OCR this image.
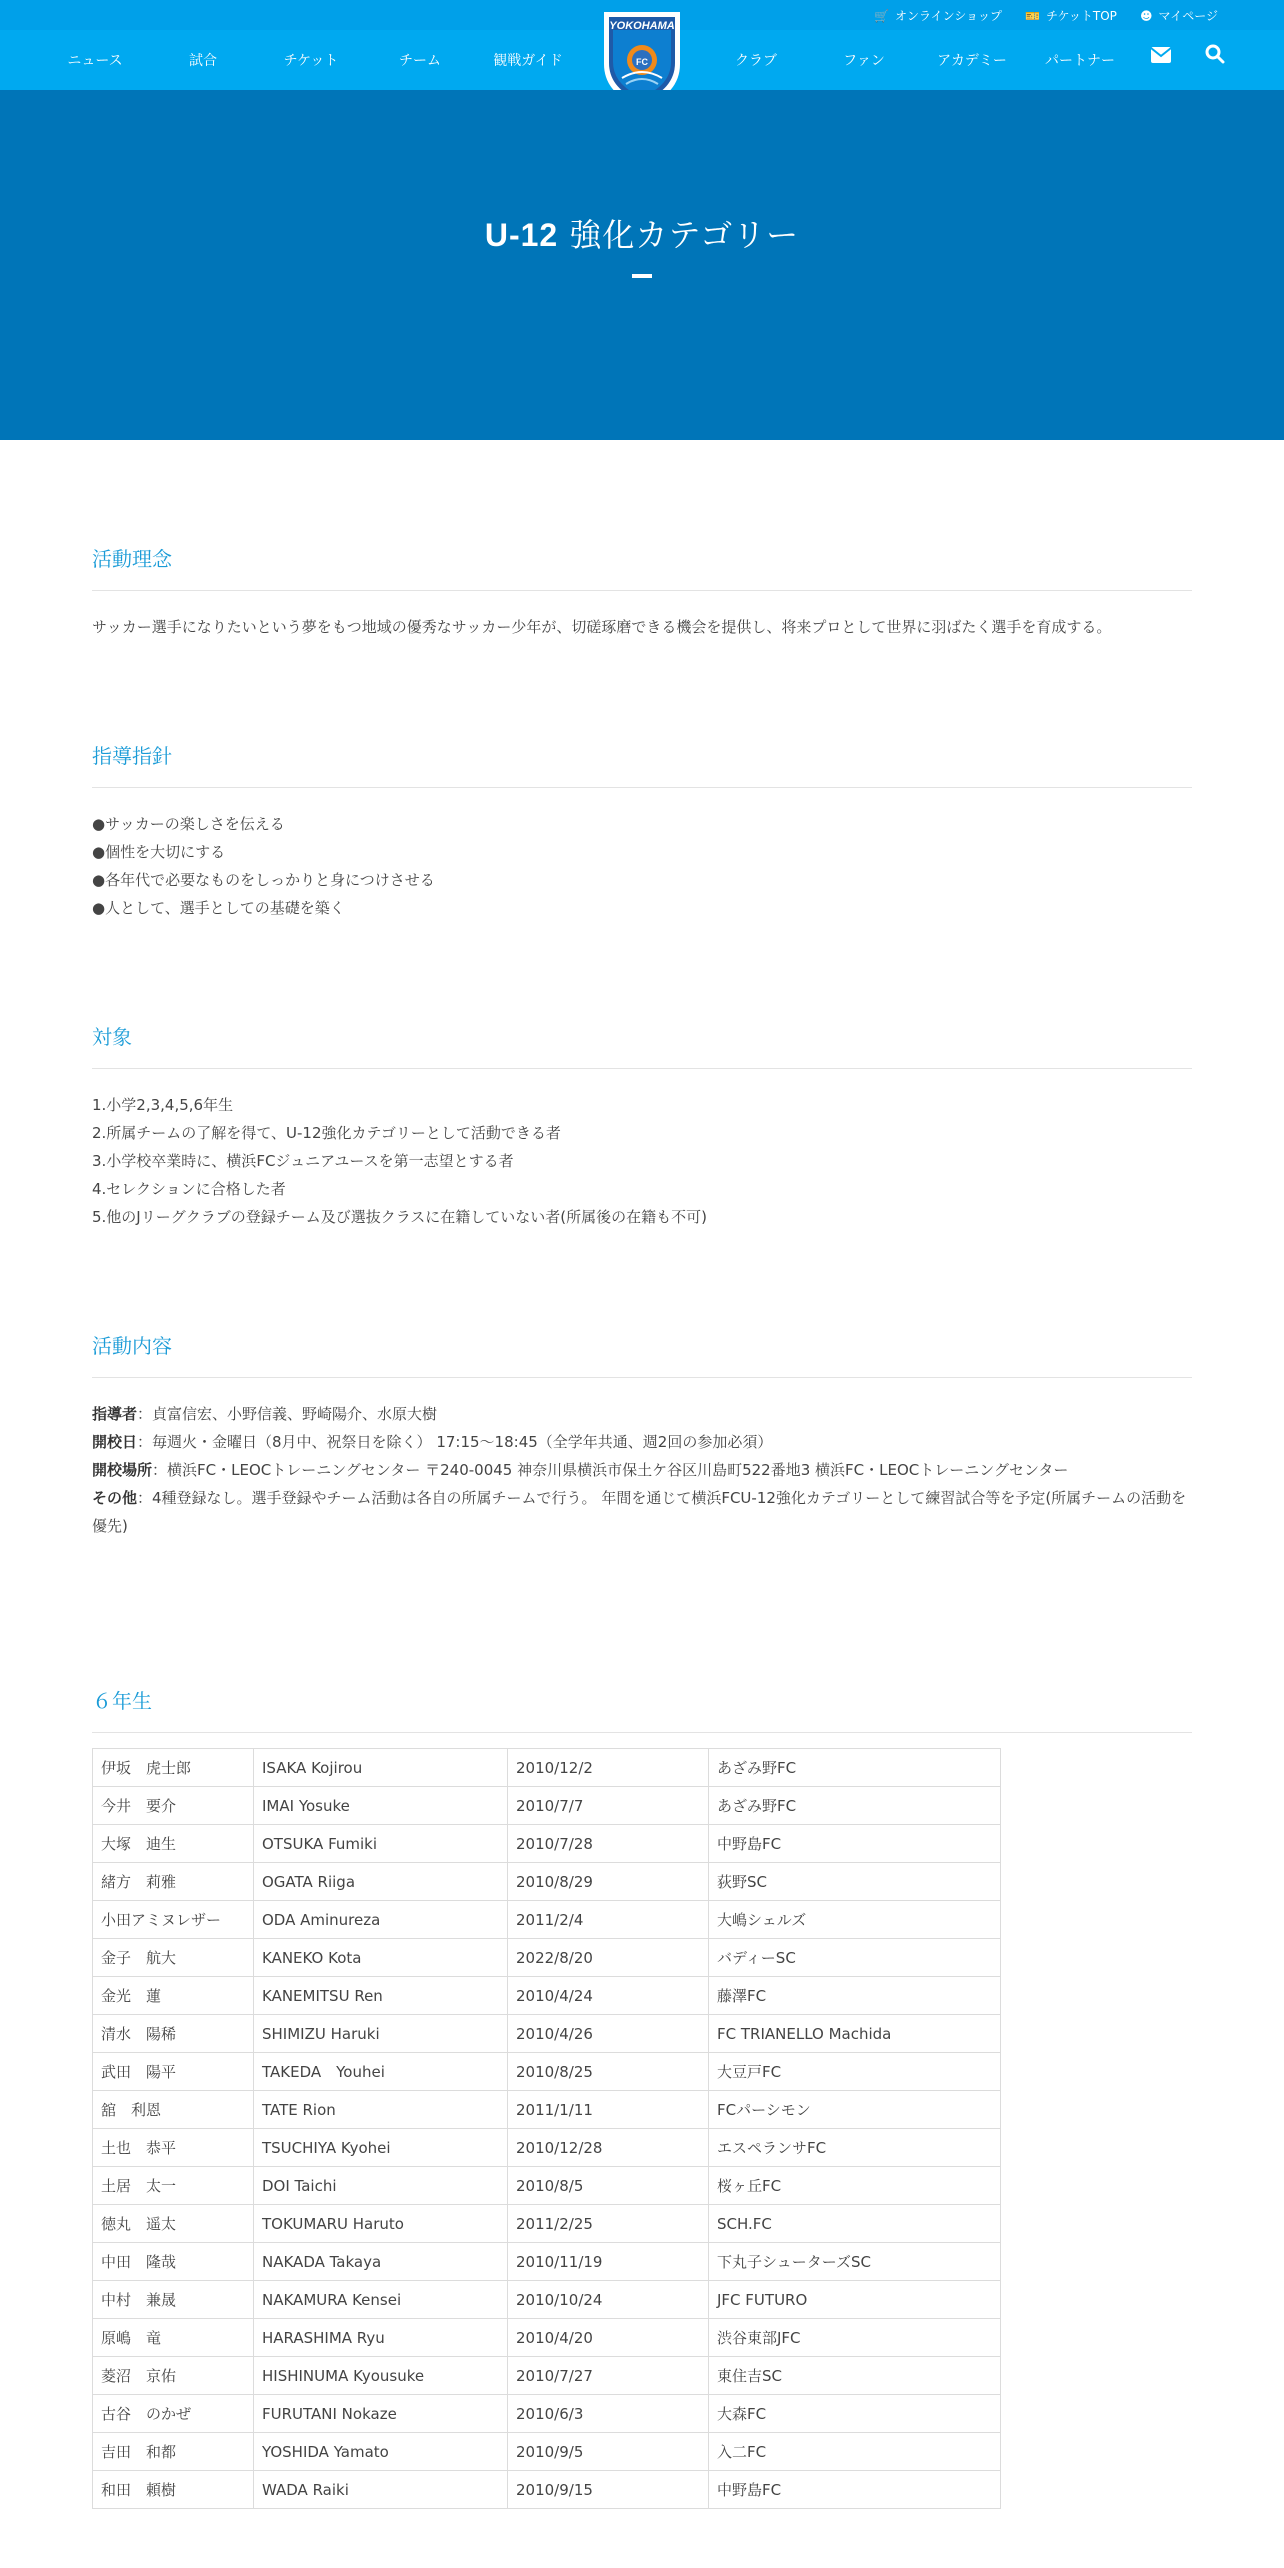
🛒 オンラインショップ 🎫 チケットTOP ☻ マイページ
ニュース	試合	チケット	チーム	観戦ガイド	クラブ	ファン	アカデミー	パートナー
YOKOHAMA
FC
U-12 強化カテゴリー
活動理念

サッカー選手になりたいという夢をもつ地域の優秀なサッカー少年が、切磋琢磨できる機会を提供し、将来プロとして世界に羽ばたく選手を育成する。

指導指針

●サッカーの楽しさを伝える

●個性を大切にする

●各年代で必要なものをしっかりと身につけさせる

●人として、選手としての基礎を築く

対象

1.小学2,3,4,5,6年生

2.所属チームの了解を得て、U-12強化カテゴリーとして活動できる者

3.小学校卒業時に、横浜FCジュニアユースを第一志望とする者

4.セレクションに合格した者

5.他のJリーグクラブの登録チーム及び選抜クラスに在籍していない者(所属後の在籍も不可)

活動内容

指導者：貞富信宏、小野信義、野崎陽介、水原大樹

開校日：毎週火・金曜日（8月中、祝祭日を除く） 17:15～18:45（全学年共通、週2回の参加必須）

開校場所：横浜FC・LEOCトレーニングセンター 〒240-0045 神奈川県横浜市保土ケ谷区川島町522番地3 横浜FC・LEOCトレーニングセンター

その他：4種登録なし。選手登録やチーム活動は各自の所属チームで行う。 年間を通じて横浜FCU-12強化カテゴリーとして練習試合等を予定(所属チームの活動を優先)

６年生
伊坂　虎士郎	ISAKA Kojirou	2010/12/2	あざみ野FC
今井　要介	IMAI Yosuke	2010/7/7	あざみ野FC
大塚　迪生	OTSUKA Fumiki	2010/7/28	中野島FC
緒方　莉雅	OGATA Riiga	2010/8/29	荻野SC
小田アミヌレザー	ODA Aminureza	2011/2/4	大嶋シェルズ
金子　航大	KANEKO Kota	2022/8/20	バディーSC
金光　蓮	KANEMITSU Ren	2010/4/24	藤澤FC
清水　陽稀	SHIMIZU Haruki	2010/4/26	FC TRIANELLO Machida
武田　陽平	TAKEDA　Youhei	2010/8/25	大豆戸FC
舘　利恩	TATE Rion	2011/1/11	FCパーシモン
土也　恭平	TSUCHIYA Kyohei	2010/12/28	エスペランサFC
土居　太一	DOI Taichi	2010/8/5	桜ヶ丘FC
徳丸　遥太	TOKUMARU Haruto	2011/2/25	SCH.FC
中田　隆哉	NAKADA Takaya	2010/11/19	下丸子シューターズSC
中村　兼晟	NAKAMURA Kensei	2010/10/24	JFC FUTURO
原嶋　竜	HARASHIMA Ryu	2010/4/20	渋谷東部JFC
菱沼　京佑	HISHINUMA Kyousuke	2010/7/27	東住吉SC
古谷　のかぜ	FURUTANI Nokaze	2010/6/3	大森FC
吉田　和都	YOSHIDA Yamato	2010/9/5	入二FC
和田　頼樹	WADA Raiki	2010/9/15	中野島FC
